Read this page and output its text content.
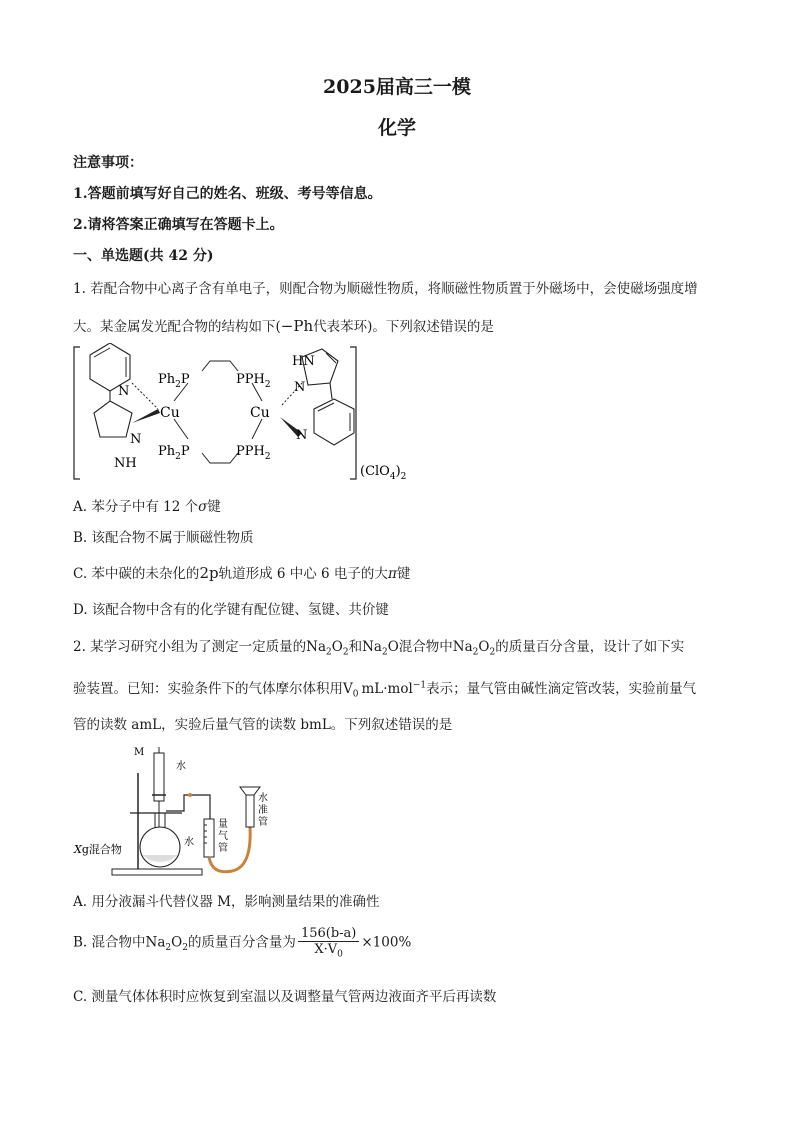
2025届高三一模
化学
注意事项：
1.答题前填写好自己的姓名、班级、考号等信息。
2.请将答案正确填写在答题卡上。
一、单选题(共 42 分)
1. 若配合物中心离子含有单电子，则配合物为顺磁性物质，将顺磁性物质置于外磁场中，会使磁场强度增
大。某金属发光配合物的结构如下(−Ph代表苯环)。下列叙述错误的是
N
N
NH
Cu	Cu
$Ph_2P$	$PPH_2$
$Ph_2P$	$PPH_2$
HN
N
N
$(ClO_4)_2$
A. 苯分子中有 12 个σ键
B. 该配合物不属于顺磁性物质
C. 苯中碳的未杂化的2p轨道形成 6 中心 6 电子的大π键
D. 该配合物中含有的化学键有配位键、氢键、共价键
2. 某学习研究小组为了测定一定质量的$Na_2O_2$和$Na_2O$混合物中$Na_2O_2$的质量百分含量，设计了如下实
验装置。已知：实验条件下的气体摩尔体积用$V_0$ mL·mol$^{-1}$表示；量气管由碱性滴定管改装，实验前量气
管的读数 amL，实验后量气管的读数 bmL。下列叙述错误的是
M
水
水
量
气
管
水
准
管
Xg混合物
A. 用分液漏斗代替仪器 M，影响测量结果的准确性
B. 混合物中$Na_2O_2$的质量百分含量为 $\frac{156(b-a)}{X\cdot V_0} \times 100\%$
C. 测量气体体积时应恢复到室温以及调整量气管两边液面齐平后再读数
